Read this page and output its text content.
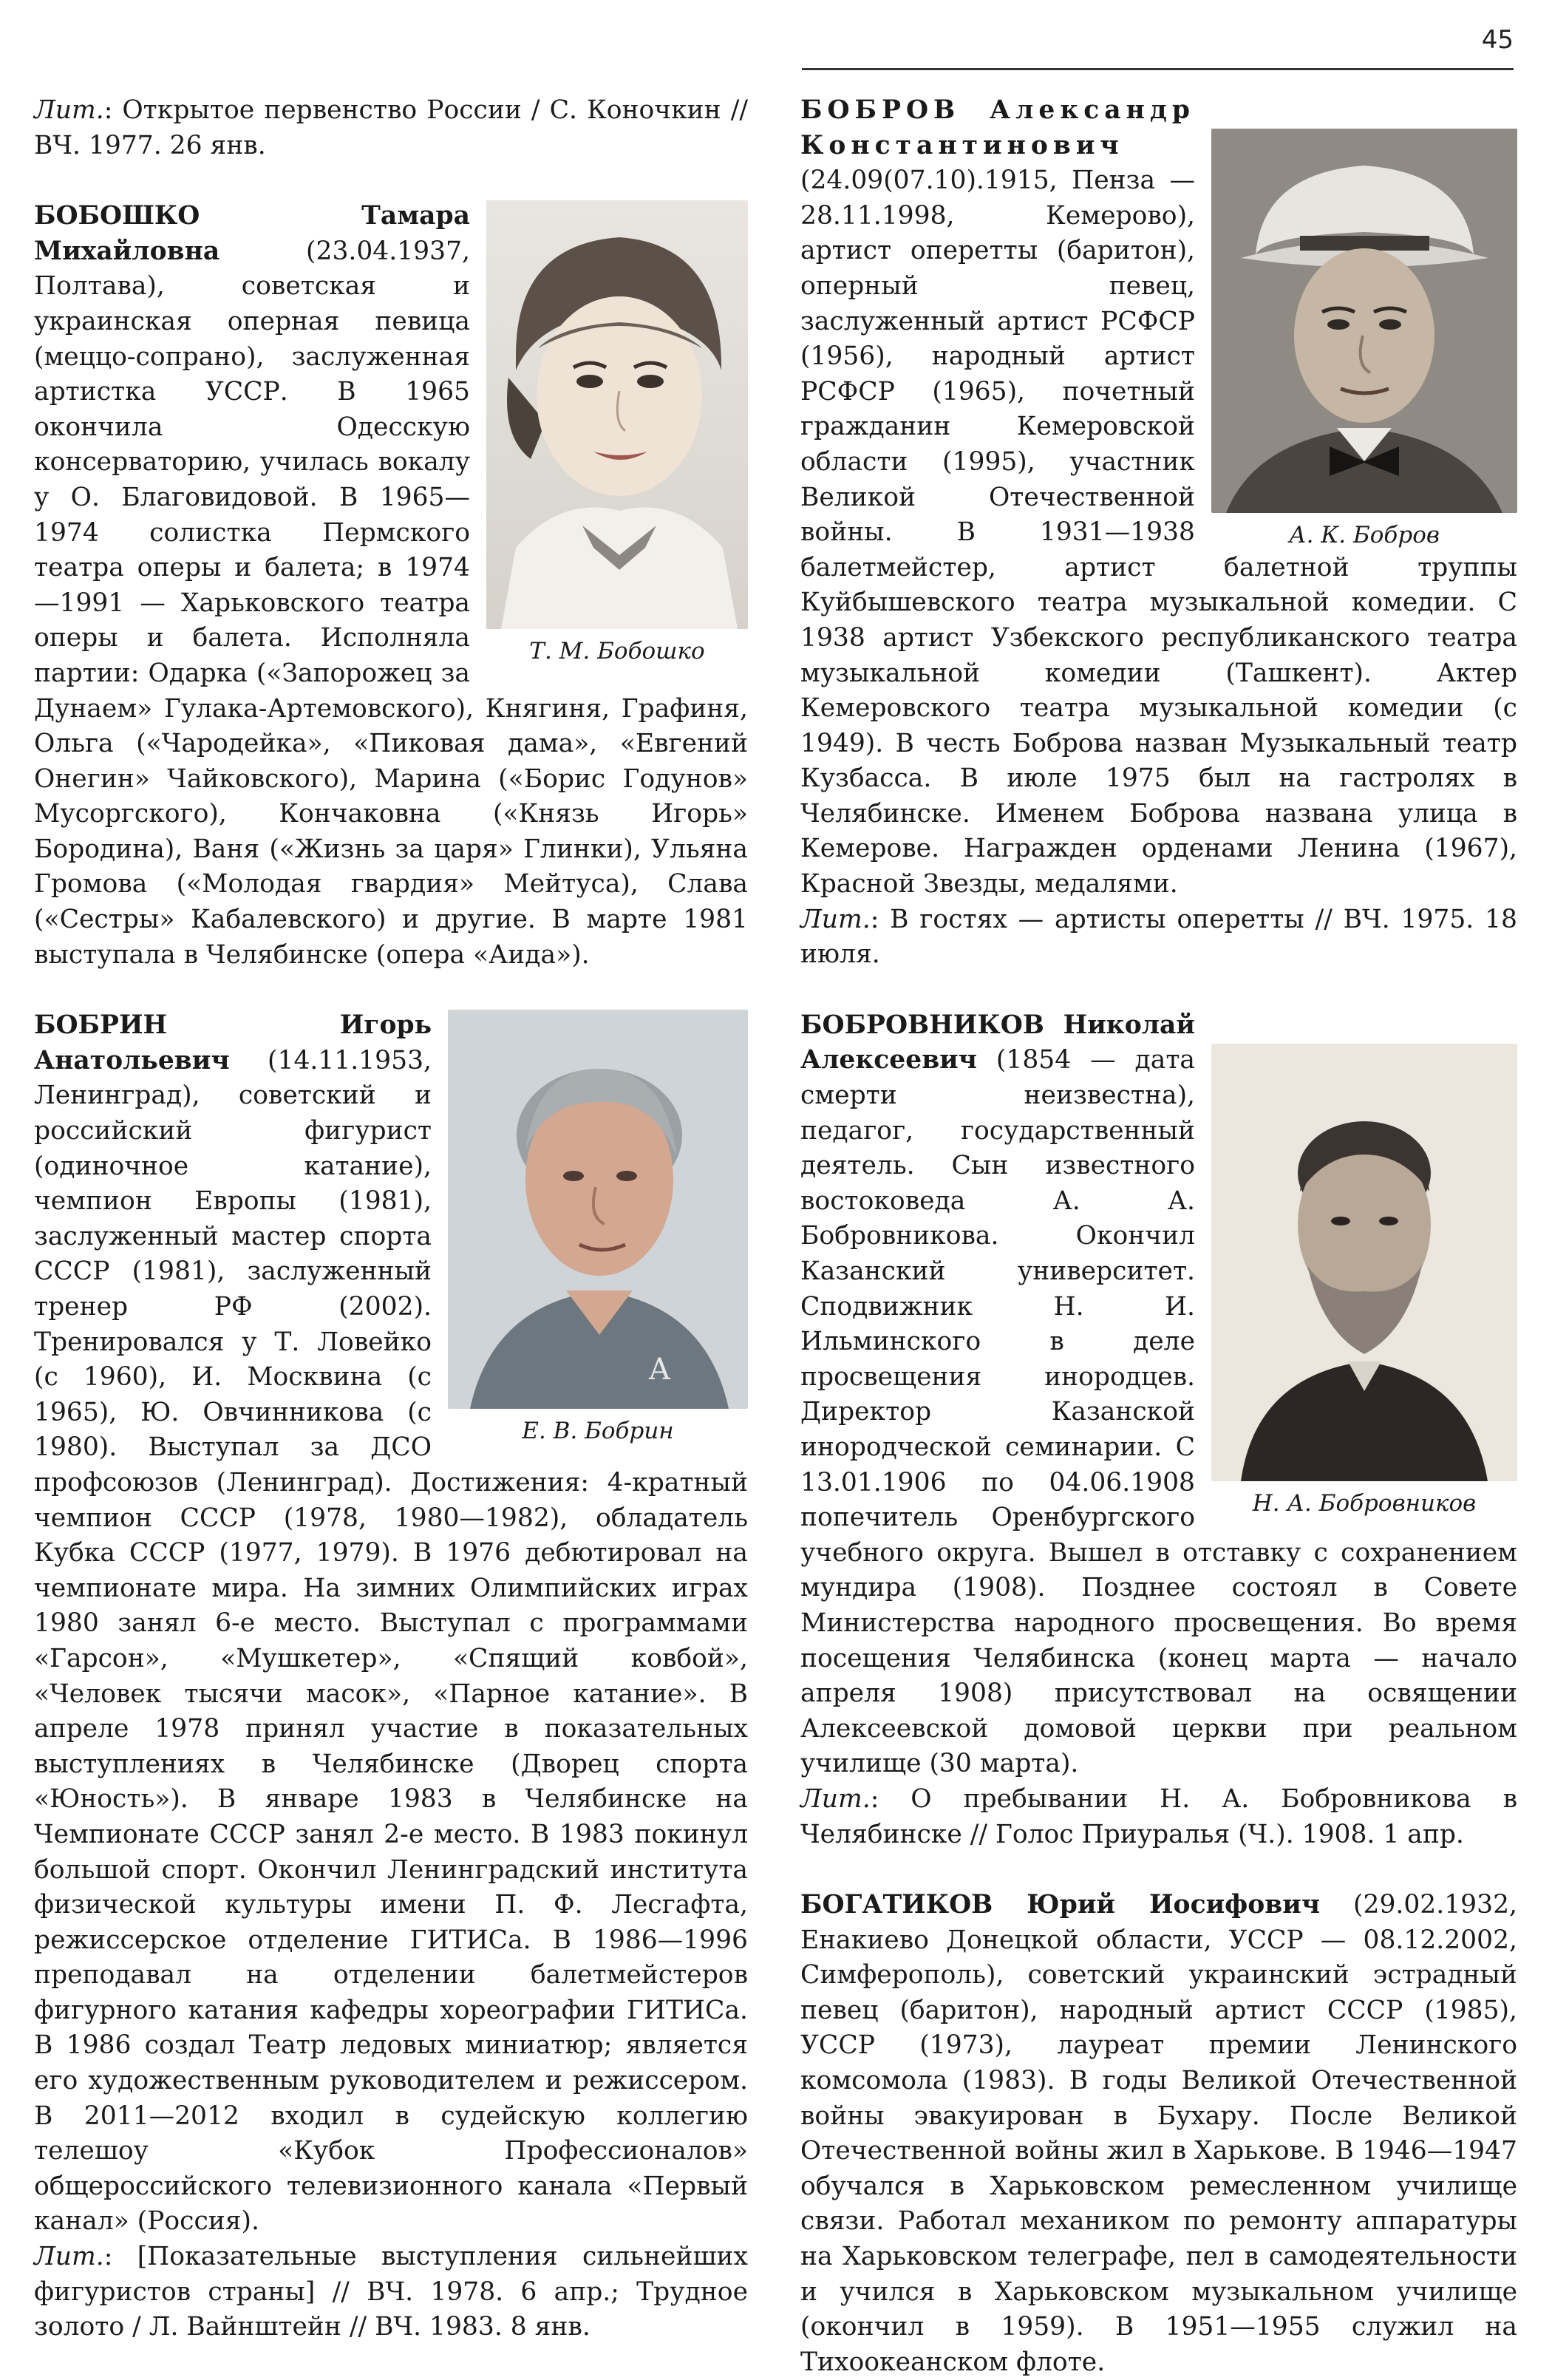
45

Лит.: Открытое первенство России / С. Коночкин // ВЧ. 1977. 26 янв.

Т. М. Бобошко
БОБОШКО Тамара Михайловна (23.04.1937, Полтава), советская и украинская оперная певица (меццо-сопрано), заслуженная артистка УССР. В 1965 окончила Одесскую консерваторию, училась вокалу у О. Благовидовой. В 1965—1974 солистка Пермского театра оперы и балета; в 1974—1991 — Харьковского театра оперы и балета. Исполняла партии: Одарка («Запорожец за Дунаем» Гулака-Артемовского), Княгиня, Графиня, Ольга («Чародейка», «Пиковая дама», «Евгений Онегин» Чайковского), Марина («Борис Годунов» Мусоргского), Кончаковна («Князь Игорь» Бородина), Ваня («Жизнь за царя» Глинки), Ульяна Громова («Молодая гвардия» Мейтуса), Слава («Сестры» Кабалевского) и другие. В марте 1981 выступала в Челябинске (опера «Аида»).

A
Е. В. Бобрин
БОБРИН Игорь Анатольевич (14.11.1953, Ленинград), советский и российский фигурист (одиночное катание), чемпион Европы (1981), заслуженный мастер спорта СССР (1981), заслуженный тренер РФ (2002). Тренировался у Т. Ловейко (с 1960), И. Москвина (с 1965), Ю. Овчинникова (с 1980). Выступал за ДСО профсоюзов (Ленинград). Достижения: 4-кратный чемпион СССР (1978, 1980—1982), обладатель Кубка СССР (1977, 1979). В 1976 дебютировал на чемпионате мира. На зимних Олимпийских играх 1980 занял 6-е место. Выступал с программами «Гарсон», «Мушкетер», «Спящий ковбой», «Человек тысячи масок», «Парное катание». В апреле 1978 принял участие в показательных выступлениях в Челябинске (Дворец спорта «Юность»). В январе 1983 в Челябинске на Чемпионате СССР занял 2-е место. В 1983 покинул большой спорт. Окончил Ленинградский института физической культуры имени П. Ф. Лесгафта, режиссерское отделение ГИТИСа. В 1986—1996 преподавал на отделении балетмейстеров фигурного катания кафедры хореографии ГИТИСа. В 1986 создал Театр ледовых миниатюр; является его художественным руководителем и режиссером. В 2011—2012 входил в судейскую коллегию телешоу «Кубок Профессионалов» общероссийского телевизионного канала «Первый канал» (Россия).

Лит.: [Показательные выступления сильнейших фигуристов страны] // ВЧ. 1978. 6 апр.; Трудное золото / Л. Вайнштейн // ВЧ. 1983. 8 янв.

А. К. Бобров
БОБРОВ Александр Константинович (24.09(07.10).1915, Пенза — 28.11.1998, Кемерово), артист оперетты (баритон), оперный певец, заслуженный артист РСФСР (1956), народный артист РСФСР (1965), почетный гражданин Кемеровской области (1995), участник Великой Отечественной войны. В 1931—1938 балетмейстер, артист балетной труппы Куйбышевского театра музыкальной комедии. С 1938 артист Узбекского республиканского театра музыкальной комедии (Ташкент). Актер Кемеровского театра музыкальной комедии (с 1949). В честь Боброва назван Музыкальный театр Кузбасса. В июле 1975 был на гастролях в Челябинске. Именем Боброва названа улица в Кемерове. Награжден орденами Ленина (1967), Красной Звезды, медалями.

Лит.: В гостях — артисты оперетты // ВЧ. 1975. 18 июля.

Н. А. Бобровников
БОБРОВНИКОВ Николай Алексеевич (1854 — дата смерти неизвестна), педагог, государственный деятель. Сын известного востоковеда А. А. Бобровникова. Окончил Казанский университет. Сподвижник Н. И. Ильминского в деле просвещения инородцев. Директор Казанской инородческой семинарии. С 13.01.1906 по 04.06.1908 попечитель Оренбургского учебного округа. Вышел в отставку с сохранением мундира (1908). Позднее состоял в Совете Министерства народного просвещения. Во время посещения Челябинска (конец марта — начало апреля 1908) присутствовал на освящении Алексеевской домовой церкви при реальном училище (30 марта).

Лит.: О пребывании Н. А. Бобровникова в Челябинске // Голос Приуралья (Ч.). 1908. 1 апр.

БОГАТИКОВ Юрий Иосифович (29.02.1932, Енакиево Донецкой области, УССР — 08.12.2002, Симферополь), советский украинский эстрадный певец (баритон), народный артист СССР (1985), УССР (1973), лауреат премии Ленинского комсомола (1983). В годы Великой Отечественной войны эвакуирован в Бухару. После Великой Отечественной войны жил в Харькове. В 1946—1947 обучался в Харьковском ремесленном училище связи. Работал механиком по ремонту аппаратуры на Харьковском телеграфе, пел в самодеятельности и учился в Харьковском музыкальном училище (окончил в 1959). В 1951—1955 служил на Тихоокеанском флоте.
